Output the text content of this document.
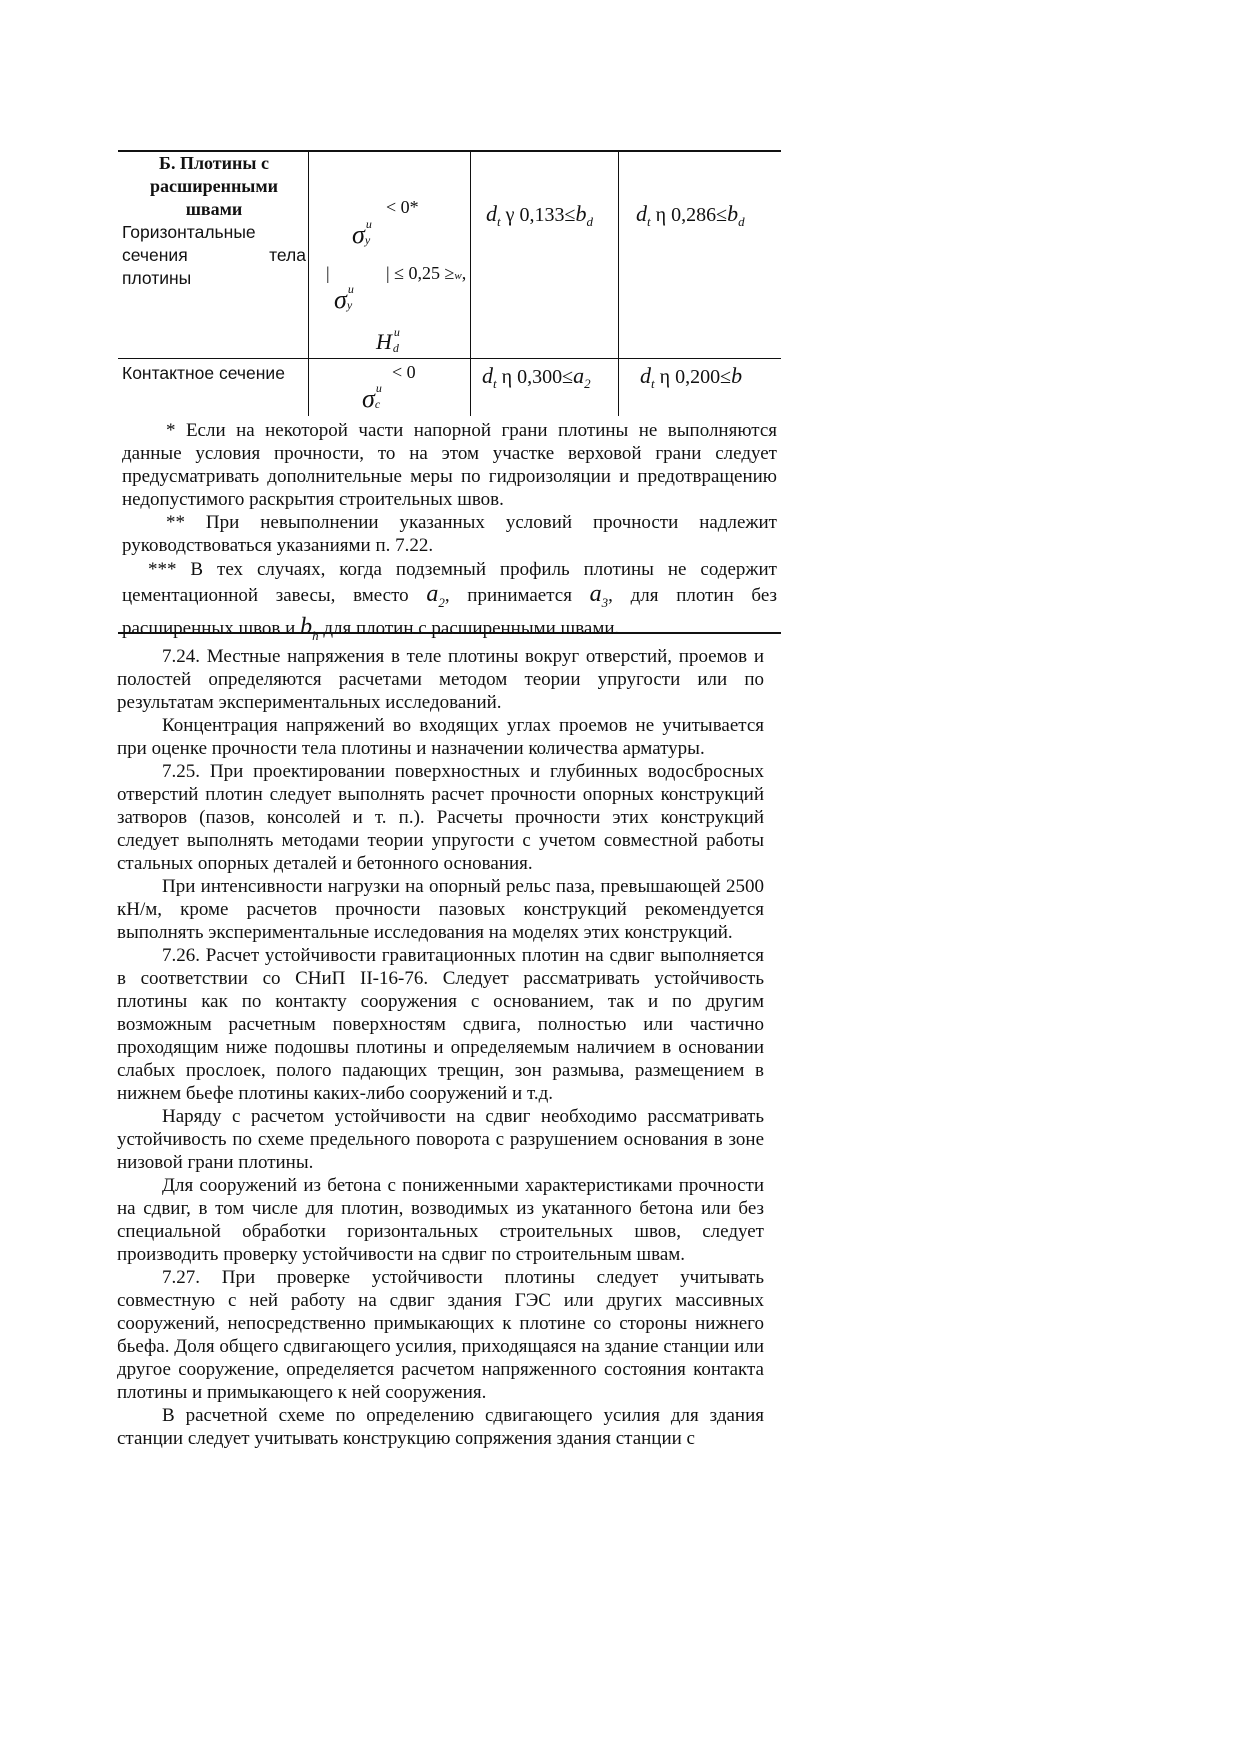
Б. Плотины с расширенными швами
Горизонтальные
сечения тела
плотины
< 0*
σ u
y
|	| ≤ 0,25 ≥w,
σ u
y
H u
d
$d_t$ γ $0,133\le b_d$ $d_t$ η $0,286\le b_d$
Контактное сечение	< 0
σ u
c
$d_t$ η $0,300\le a_2$ $d_t$ η 0,200≤b

* Если на некоторой части напорной грани плотины не выполняются данные условия прочности, то на этом участке верховой грани следует предусматривать дополнительные меры по гидроизоляции и предотвращению недопустимого раскрытия строительных швов.

** При невыполнении указанных условий прочности надлежит руководствоваться указаниями п. 7.22.

*** В тех случаях, когда подземный профиль плотины не содержит цементационной завесы, вместо $a_2$, принимается $a_3$, для плотин без расширенных швов и $b_h$ для плотин с расширенными швами.

7.24. Местные напряжения в теле плотины вокруг отверстий, проемов и полостей определяются расчетами методом теории упругости или по результатам экспериментальных исследований.

Концентрация напряжений во входящих углах проемов не учитывается при оценке прочности тела плотины и назначении количества арматуры.

7.25. При проектировании поверхностных и глубинных водосбросных отверстий плотин следует выполнять расчет прочности опорных конструкций затворов (пазов, консолей и т. п.). Расчеты прочности этих конструкций следует выполнять методами теории упругости с учетом совместной работы стальных опорных деталей и бетонного основания.

При интенсивности нагрузки на опорный рельс паза, превышающей 2500 кН/м, кроме расчетов прочности пазовых конструкций рекомендуется выполнять экспериментальные исследования на моделях этих конструкций.

7.26. Расчет устойчивости гравитационных плотин на сдвиг выполняется в соответствии со СНиП II-16-76. Следует рассматривать устойчивость плотины как по контакту сооружения с основанием, так и по другим возможным расчетным поверхностям сдвига, полностью или частично проходящим ниже подошвы плотины и определяемым наличием в основании слабых прослоек, полого падающих трещин, зон размыва, размещением в нижнем бьефе плотины каких-либо сооружений и т.д.

Наряду с расчетом устойчивости на сдвиг необходимо рассматривать устойчивость по схеме предельного поворота с разрушением основания в зоне низовой грани плотины.

Для сооружений из бетона с пониженными характеристиками прочности на сдвиг, в том числе для плотин, возводимых из укатанного бетона или без специальной обработки горизонтальных строительных швов, следует производить проверку устойчивости на сдвиг по строительным швам.

7.27. При проверке устойчивости плотины следует учитывать совместную с ней работу на сдвиг здания ГЭС или других массивных сооружений, непосредственно примыкающих к плотине со стороны нижнего бьефа. Доля общего сдвигающего усилия, приходящаяся на здание станции или другое сооружение, определяется расчетом напряженного состояния контакта плотины и примыкающего к ней сооружения.

В расчетной схеме по определению сдвигающего усилия для здания станции следует учитывать конструкцию сопряжения здания станции с
